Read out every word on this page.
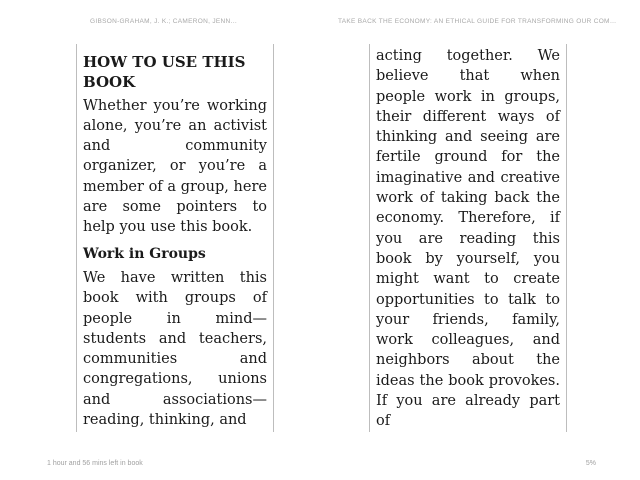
GIBSON-GRAHAM, J. K.; CAMERON, JENN…	TAKE BACK THE ECONOMY: AN ETHICAL GUIDE FOR TRANSFORMING OUR COM…
HOW TO USE THIS BOOK

Whether you’re working alone, you’re an activist and community organizer, or you’re a member of a group, here are some pointers to help you use this book.

Work in Groups

We have written this book with groups of people in mind—students and teachers, communities and congregations, unions and associations—reading, thinking, and

acting together. We believe that when people work in groups, their different ways of thinking and seeing are fertile ground for the imaginative and creative work of taking back the economy. Therefore, if you are reading this book by yourself, you might want to create opportunities to talk to your friends, family, work colleagues, and neighbors about the ideas the book provokes. If you are already part of

1 hour and 56 mins left in book	5%
